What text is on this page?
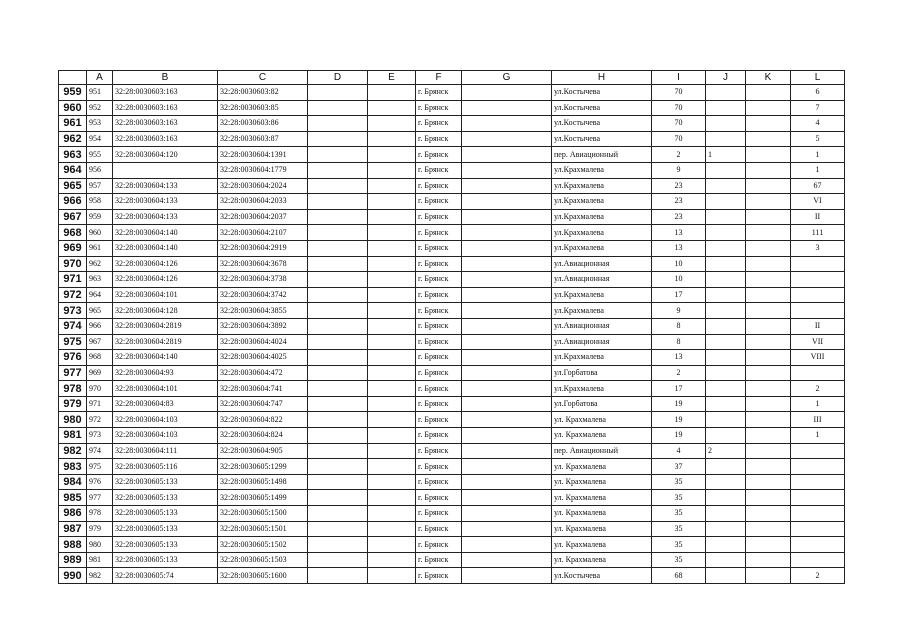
	A	B	C	D	E	F	G	H	I	J	K	L
959	951	32:28:0030603:163	32:28:0030603:82			г. Брянск		ул.Костычева	70			6
960	952	32:28:0030603:163	32:28:0030603:85			г. Брянск		ул.Костычева	70			7
961	953	32:28:0030603:163	32:28:0030603:86			г. Брянск		ул.Костычева	70			4
962	954	32:28:0030603:163	32:28:0030603:87			г. Брянск		ул.Костычева	70			5
963	955	32:28:0030604:120	32:28:0030604:1391			г. Брянск		пер. Авиационный	2	1		1
964	956		32:28:0030604:1779			г. Брянск		ул.Крахмалева	9			1
965	957	32:28:0030604:133	32:28:0030604:2024			г. Брянск		ул.Крахмалева	23			67
966	958	32:28:0030604:133	32:28:0030604:2033			г. Брянск		ул.Крахмалева	23			VI
967	959	32:28:0030604:133	32:28:0030604:2037			г. Брянск		ул.Крахмалева	23			II
968	960	32:28:0030604:140	32:28:0030604:2107			г. Брянск		ул.Крахмалева	13			111
969	961	32:28:0030604:140	32:28:0030604:2919			г. Брянск		ул.Крахмалева	13			3
970	962	32:28:0030604:126	32:28:0030604:3678			г. Брянск		ул.Авиационная	10			
971	963	32:28:0030604:126	32:28:0030604:3738			г. Брянск		ул.Авиационная	10			
972	964	32:28:0030604:101	32:28:0030604:3742			г. Брянск		ул.Крахмалева	17			
973	965	32:28:0030604:128	32:28:0030604:3855			г. Брянск		ул.Крахмалева	9			
974	966	32:28:0030604:2819	32:28:0030604:3892			г. Брянск		ул.Авиационная	8			II
975	967	32:28:0030604:2819	32:28:0030604:4024			г. Брянск		ул.Авиационная	8			VII
976	968	32:28:0030604:140	32:28:0030604:4025			г. Брянск		ул.Крахмалева	13			VIII
977	969	32:28:0030604:93	32:28:0030604:472			г. Брянск		ул.Горбатова	2			
978	970	32:28:0030604:101	32:28:0030604:741			г. Брянск		ул.Крахмалева	17			2
979	971	32:28:0030604:83	32:28:0030604:747			г. Брянск		ул.Горбатова	19			1
980	972	32:28:0030604:103	32:28:0030604:822			г. Брянск		ул. Крахмалева	19			III
981	973	32:28:0030604:103	32:28:0030604:824			г. Брянск		ул. Крахмалева	19			1
982	974	32:28:0030604:111	32:28:0030604:905			г. Брянск		пер. Авиационный	4	2		
983	975	32:28:0030605:116	32:28:0030605:1299			г. Брянск		ул. Крахмалева	37			
984	976	32:28:0030605:133	32:28:0030605:1498			г. Брянск		ул. Крахмалева	35			
985	977	32:28:0030605:133	32:28:0030605:1499			г. Брянск		ул. Крахмалева	35			
986	978	32:28:0030605:133	32:28:0030605:1500			г. Брянск		ул. Крахмалева	35			
987	979	32:28:0030605:133	32:28:0030605:1501			г. Брянск		ул. Крахмалева	35			
988	980	32:28:0030605:133	32:28:0030605:1502			г. Брянск		ул. Крахмалева	35			
989	981	32:28:0030605:133	32:28:0030605:1503			г. Брянск		ул. Крахмалева	35			
990	982	32:28:0030605:74	32:28:0030605:1600			г. Брянск		ул.Костычева	68			2
